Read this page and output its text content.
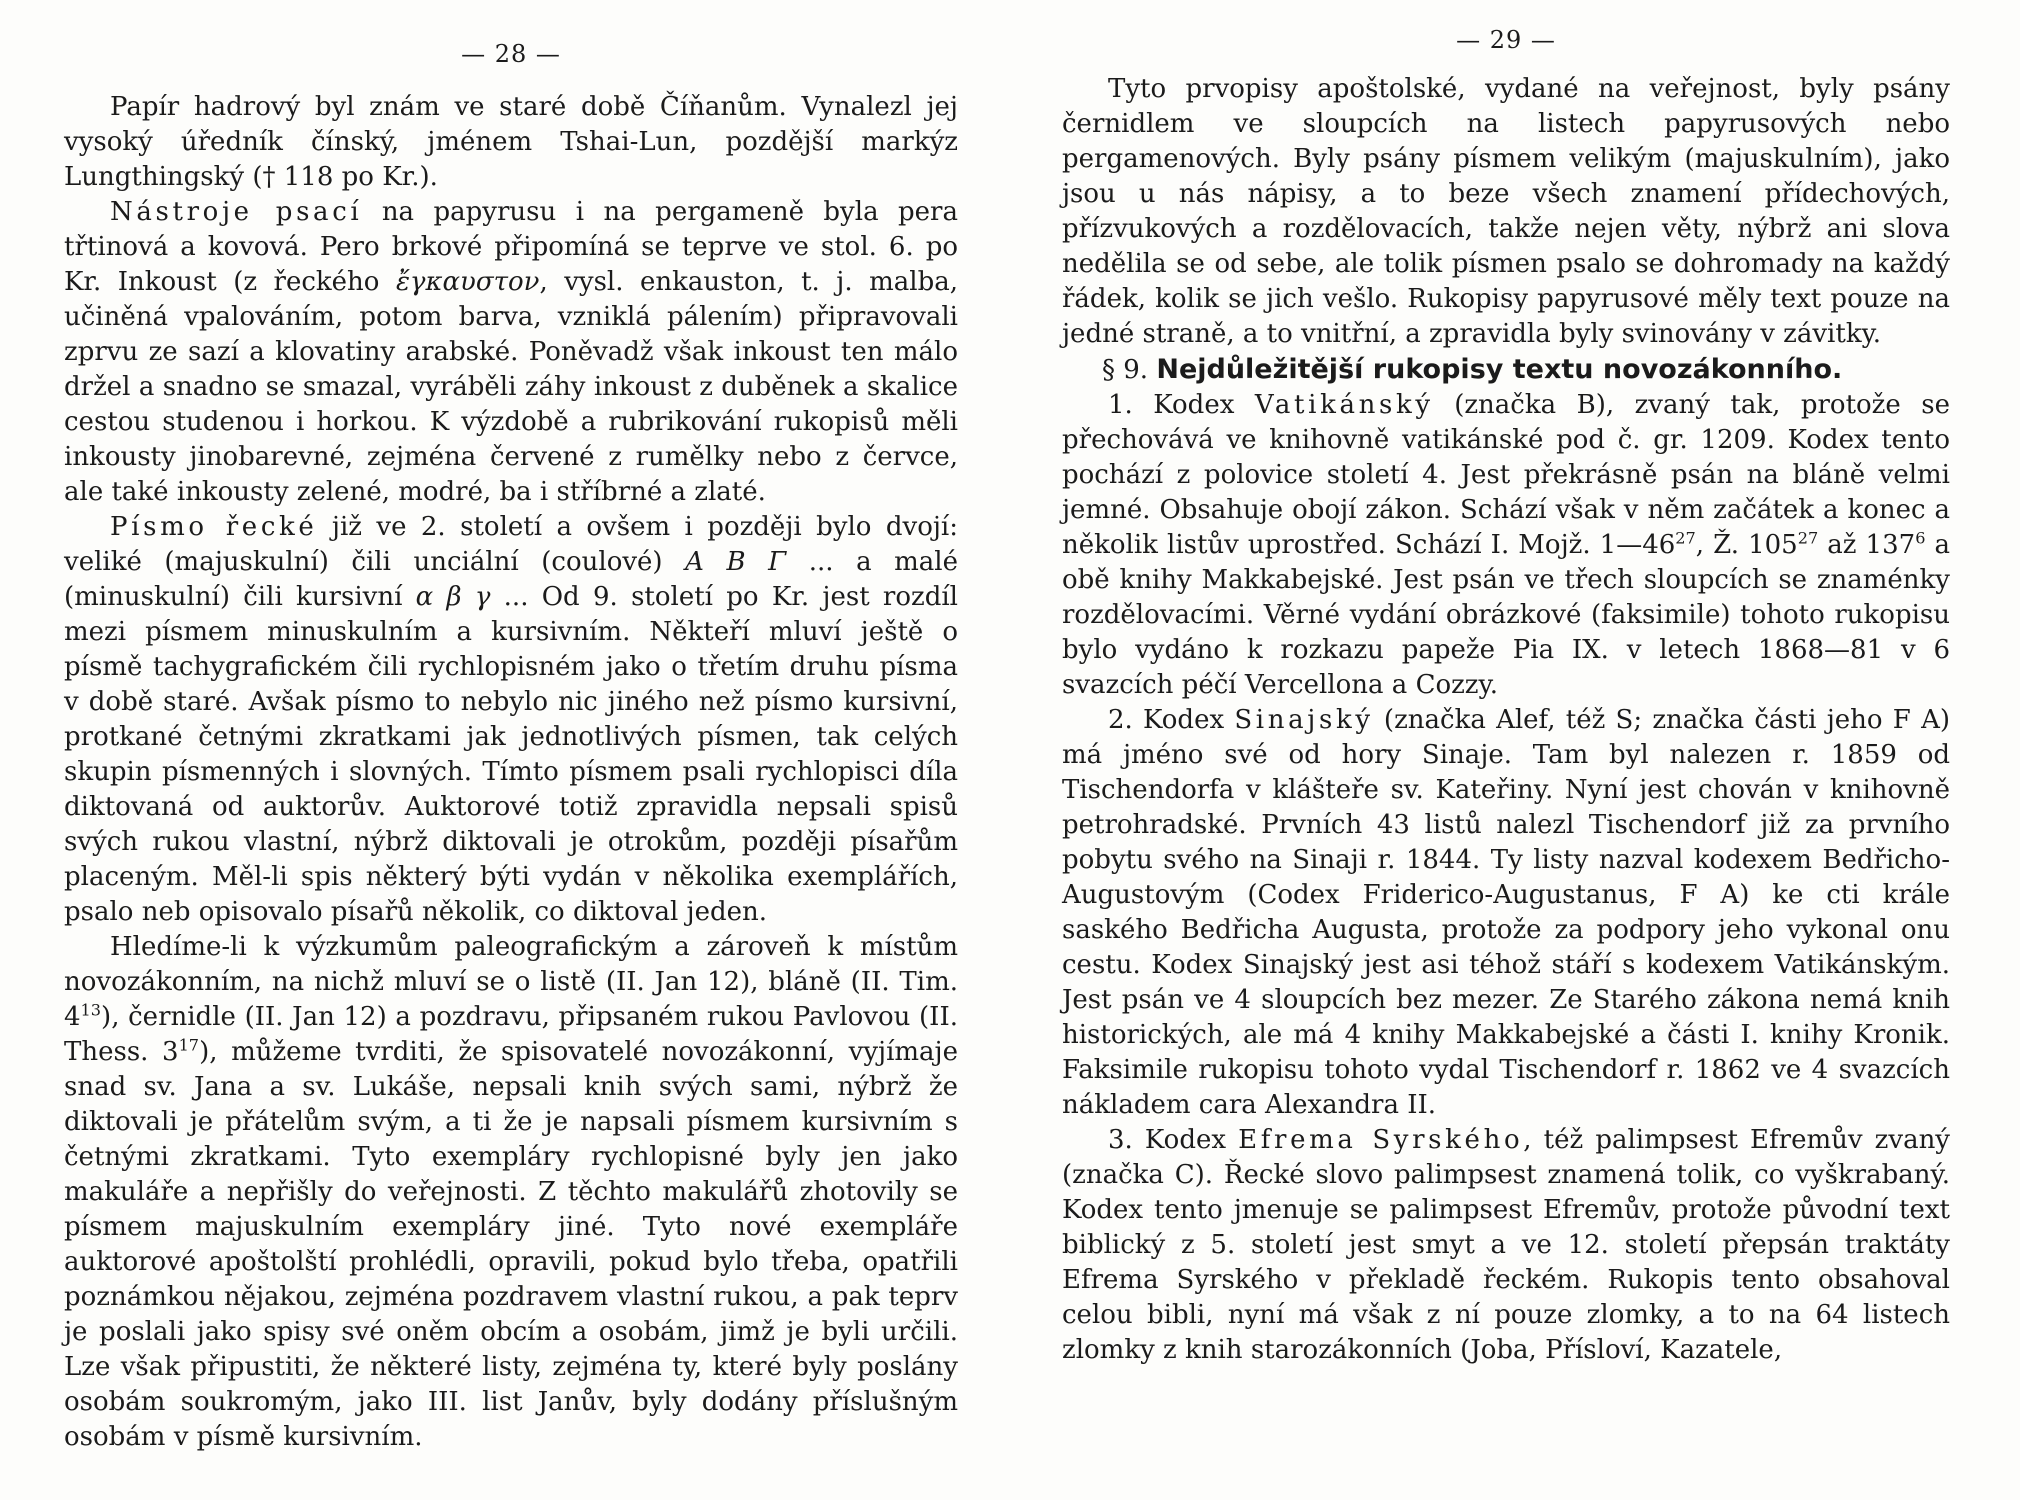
— 28 —

Papír hadrový byl znám ve staré době Číňanům. Vynalezl jej vysoký úředník čínský, jménem Tshai-Lun, pozdější markýz Lungthingský († 118 po Kr.).

Nástroje psací na papyrusu i na pergameně byla pera třtinová a kovová. Pero brkové připomíná se teprve ve stol. 6. po Kr. Inkoust (z řeckého ἔγκαυστον, vysl. enkauston, t. j. malba, učiněná vpalováním, potom barva, vzniklá pálením) připravovali zprvu ze sazí a klovatiny arabské. Poněvadž však inkoust ten málo držel a snadno se smazal, vyráběli záhy inkoust z duběnek a skalice cestou studenou i horkou. K výzdobě a rubrikování rukopisů měli inkousty jinobarevné, zejména červené z rumělky nebo z červce, ale také inkousty zelené, modré, ba i stříbrné a zlaté.

Písmo řecké již ve 2. století a ovšem i později bylo dvojí: veliké (majuskulní) čili unciální (coulové) Α Β Γ ... a malé (minuskulní) čili kursivní α β γ ... Od 9. století po Kr. jest rozdíl mezi písmem minuskulním a kursivním. Někteří mluví ještě o písmě tachygrafickém čili rychlopisném jako o třetím druhu písma v době staré. Avšak písmo to nebylo nic jiného než písmo kursivní, protkané četnými zkratkami jak jednotlivých písmen, tak celých skupin písmenných i slovných. Tímto písmem psali rychlopisci díla diktovaná od auktorův. Auktorové totiž zpravidla nepsali spisů svých rukou vlastní, nýbrž diktovali je otrokům, později písařům placeným. Měl-li spis některý býti vydán v několika exemplářích, psalo neb opisovalo písařů několik, co diktoval jeden.

Hledíme-li k výzkumům paleografickým a zároveň k místům novozákonním, na nichž mluví se o listě (II. Jan 12), bláně (II. Tim. $4^{13}$), černidle (II. Jan 12) a pozdravu, připsaném rukou Pavlovou (II. Thess. $3^{17}$), můžeme tvrditi, že spisovatelé novozákonní, vyjímaje snad sv. Jana a sv. Lukáše, nepsali knih svých sami, nýbrž že diktovali je přátelům svým, a ti že je napsali písmem kursivním s četnými zkratkami. Tyto exempláry rychlopisné byly jen jako makuláře a nepřišly do veřejnosti. Z těchto makulářů zhotovily se písmem majuskulním exempláry jiné. Tyto nové exempláře auktorové apoštolští prohlédli, opravili, pokud bylo třeba, opatřili poznámkou nějakou, zejména pozdravem vlastní rukou, a pak teprv je poslali jako spisy své oněm obcím a osobám, jimž je byli určili. Lze však připustiti, že některé listy, zejména ty, které byly poslány osobám soukromým, jako III. list Janův, byly dodány příslušným osobám v písmě kursivním.

— 29 —

Tyto prvopisy apoštolské, vydané na veřejnost, byly psány černidlem ve sloupcích na listech papyrusových nebo pergamenových. Byly psány písmem velikým (majuskulním), jako jsou u nás nápisy, a to beze všech znamení přídechových, přízvukových a rozdělovacích, takže nejen věty, nýbrž ani slova nedělila se od sebe, ale tolik písmen psalo se dohromady na každý řádek, kolik se jich vešlo. Rukopisy papyrusové měly text pouze na jedné straně, a to vnitřní, a zpravidla byly svinovány v závitky.

§ 9. Nejdůležitější rukopisy textu novozákonního.

1. Kodex Vatikánský (značka B), zvaný tak, protože se přechovává ve knihovně vatikánské pod č. gr. 1209. Kodex tento pochází z polovice století 4. Jest překrásně psán na bláně velmi jemné. Obsahuje obojí zákon. Schází však v něm začátek a konec a několik listův uprostřed. Schází I. Mojž. $1—46^{27}$, Ž. $105^{27}$ až $137^6$ a obě knihy Makkabejské. Jest psán ve třech sloupcích se znaménky rozdělovacími. Věrné vydání obrázkové (faksimile) tohoto rukopisu bylo vydáno k rozkazu papeže Pia IX. v letech 1868—81 v 6 svazcích péčí Vercellona a Cozzy.

2. Kodex Sinajský (značka Alef, též S; značka části jeho F A) má jméno své od hory Sinaje. Tam byl nalezen r. 1859 od Tischendorfa v klášteře sv. Kateřiny. Nyní jest chován v knihovně petrohradské. Prvních 43 listů nalezl Tischendorf již za prvního pobytu svého na Sinaji r. 1844. Ty listy nazval kodexem Bedřicho-Augustovým (Codex Friderico-Augustanus, F A) ke cti krále saského Bedřicha Augusta, protože za podpory jeho vykonal onu cestu. Kodex Sinajský jest asi téhož stáří s kodexem Vatikánským. Jest psán ve 4 sloupcích bez mezer. Ze Starého zákona nemá knih historických, ale má 4 knihy Makkabejské a části I. knihy Kronik. Faksimile rukopisu tohoto vydal Tischendorf r. 1862 ve 4 svazcích nákladem cara Alexandra II.

3. Kodex Efrema Syrského, též palimpsest Efremův zvaný (značka C). Řecké slovo palimpsest znamená tolik, co vyškrabaný. Kodex tento jmenuje se palimpsest Efremův, protože původní text biblický z 5. století jest smyt a ve 12. století přepsán traktáty Efrema Syrského v překladě řeckém. Rukopis tento obsahoval celou bibli, nyní má však z ní pouze zlomky, a to na 64 listech zlomky z knih starozákonních (Joba, Přísloví, Kazatele,
